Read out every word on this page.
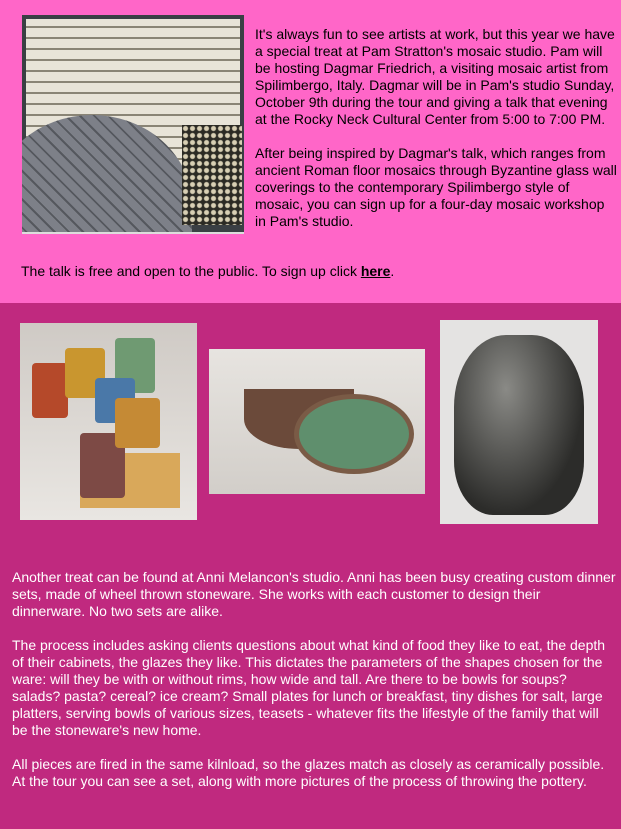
It's always fun to see artists at work, but this year we have a special treat at Pam Stratton's mosaic studio. Pam will be hosting Dagmar Friedrich, a visiting mosaic artist from Spilimbergo, Italy. Dagmar will be in Pam's studio Sunday, October 9th during the tour and giving a talk that evening at the Rocky Neck Cultural Center from 5:00 to 7:00 PM.

After being inspired by Dagmar's talk, which ranges from ancient Roman floor mosaics through Byzantine glass wall coverings to the contemporary Spilimbergo style of mosaic, you can sign up for a four-day mosaic workshop in Pam's studio.

The talk is free and open to the public. To sign up click here.

Another treat can be found at Anni Melancon's studio. Anni has been busy creating custom dinner sets, made of wheel thrown stoneware. She works with each customer to design their dinnerware. No two sets are alike.

The process includes asking clients questions about what kind of food they like to eat, the depth of their cabinets, the glazes they like. This dictates the parameters of the shapes chosen for the ware: will they be with or without rims, how wide and tall. Are there to be bowls for soups? salads? pasta? cereal? ice cream? Small plates for lunch or breakfast, tiny dishes for salt, large platters, serving bowls of various sizes, teasets - whatever fits the lifestyle of the family that will be the stoneware's new home.

All pieces are fired in the same kilnload, so the glazes match as closely as ceramically possible. At the tour you can see a set, along with more pictures of the process of throwing the pottery.
